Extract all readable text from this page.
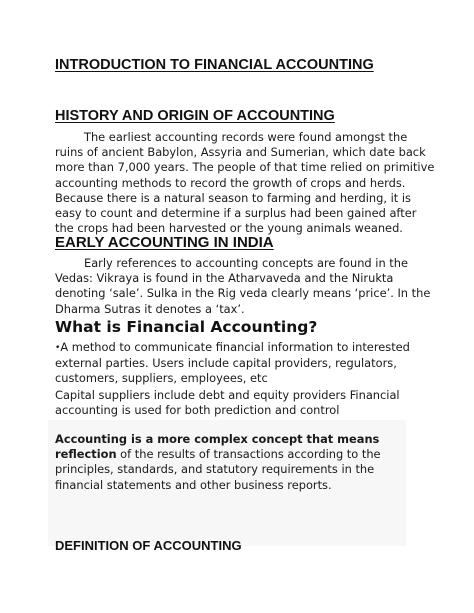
INTRODUCTION TO FINANCIAL ACCOUNTING
HISTORY AND ORIGIN OF ACCOUNTING
The earliest accounting records were found amongst the
ruins of ancient Babylon, Assyria and Sumerian, which date back
more than 7,000 years. The people of that time relied on primitive
accounting methods to record the growth of crops and herds.
Because there is a natural season to farming and herding, it is
easy to count and determine if a surplus had been gained after
the crops had been harvested or the young animals weaned.
EARLY ACCOUNTING IN INDIA
Early references to accounting concepts are found in the
Vedas: Vikraya is found in the Atharvaveda and the Nirukta
denoting ‘sale’. Sulka in the Rig veda clearly means ‘price’. In the
Dharma Sutras it denotes a ‘tax’.
What is Financial Accounting?
•A method to communicate financial information to interested
external parties. Users include capital providers, regulators,
customers, suppliers, employees, etc
Capital suppliers include debt and equity providers Financial
accounting is used for both prediction and control
Accounting is a more complex concept that means
reflection of the results of transactions according to the
principles, standards, and statutory requirements in the
financial statements and other business reports.
DEFINITION OF ACCOUNTING
